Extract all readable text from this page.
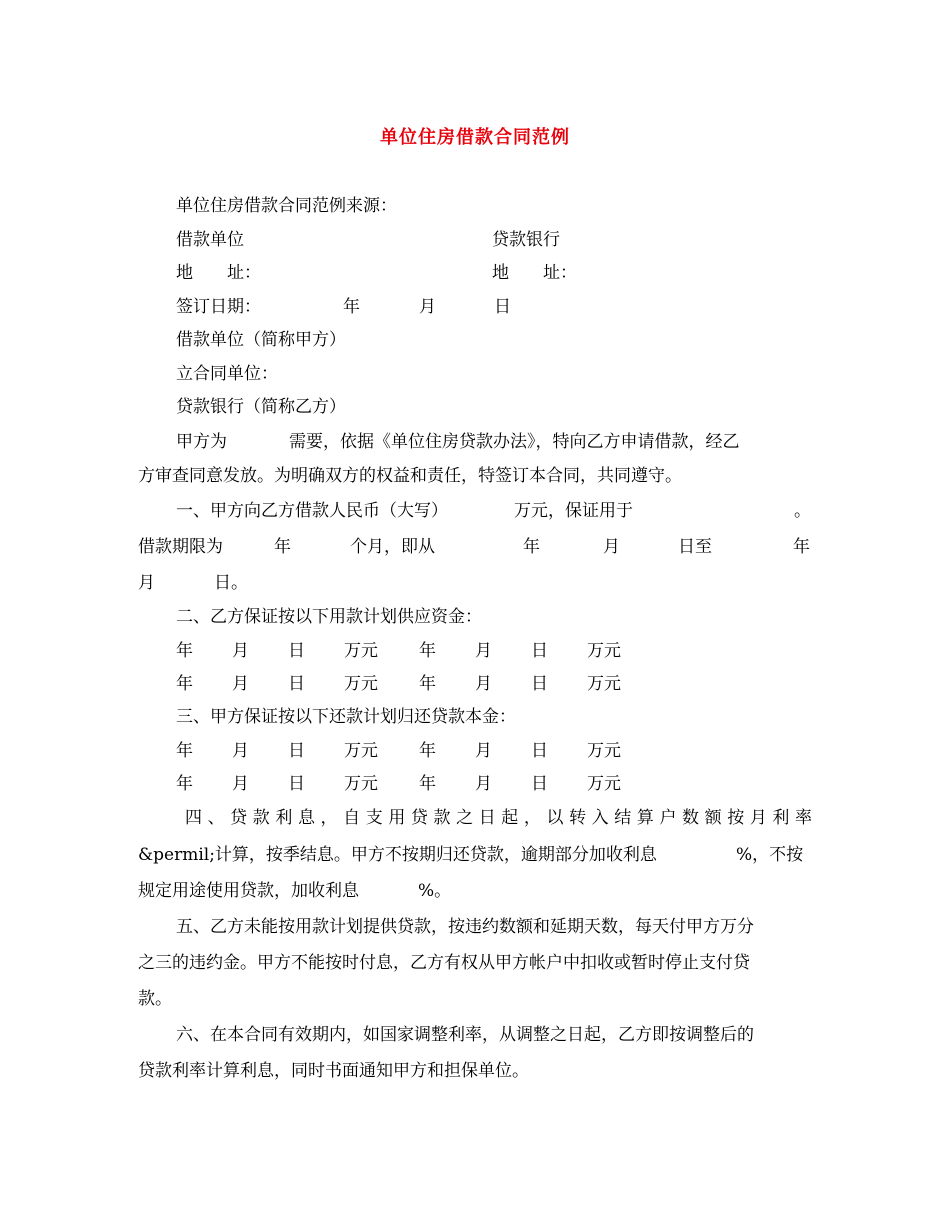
单位住房借款合同范例
单位住房借款合同范例来源：
借款单位	贷款银行
地　　址：	地　　址：
签订日期：	年	月	日
借款单位（简称甲方）
立合同单位：
贷款银行（简称乙方）
甲方为	需要，依据《单位住房贷款办法》，特向乙方申请借款，经乙
方审查同意发放。为明确双方的权益和责任，特签订本合同，共同遵守。
一、甲方向乙方借款人民币（大写）	万元，保证用于	。
借款期限为	年	个月，即从	年	月	日至	年
月	日。
二、乙方保证按以下用款计划供应资金：
年 月 日 万元 年 月 日 万元
年 月 日 万元 年 月 日 万元
三、甲方保证按以下还款计划归还贷款本金：
年 月 日 万元 年 月 日 万元
年 月 日 万元 年 月 日 万元
四、贷款利息，自支用贷款之日起，以转入结算户数额按月利率
&permil;计算，按季结息。甲方不按期归还贷款，逾期部分加收利息	%，不按
规定用途使用贷款，加收利息	%。
五、乙方未能按用款计划提供贷款，按违约数额和延期天数，每天付甲方万分
之三的违约金。甲方不能按时付息，乙方有权从甲方帐户中扣收或暂时停止支付贷
款。
六、在本合同有效期内，如国家调整利率，从调整之日起，乙方即按调整后的
贷款利率计算利息，同时书面通知甲方和担保单位。
